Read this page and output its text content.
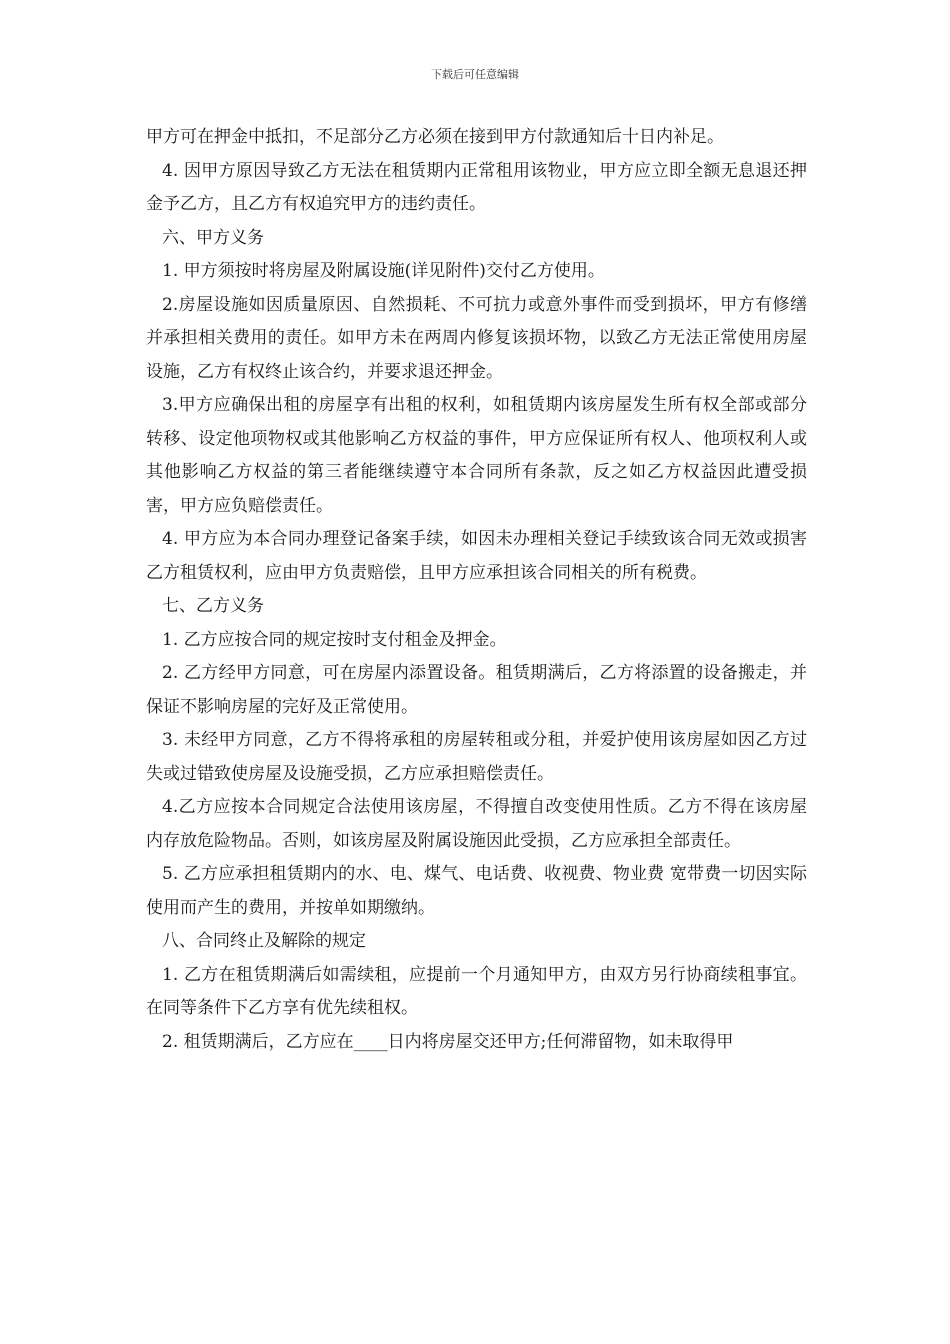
下载后可任意编辑

甲方可在押金中抵扣，不足部分乙方必须在接到甲方付款通知后十日内补足。

4. 因甲方原因导致乙方无法在租赁期内正常租用该物业，甲方应立即全额无息退还押金予乙方，且乙方有权追究甲方的违约责任。

六、甲方义务

1. 甲方须按时将房屋及附属设施(详见附件)交付乙方使用。

2.房屋设施如因质量原因、自然损耗、不可抗力或意外事件而受到损坏，甲方有修缮并承担相关费用的责任。如甲方未在两周内修复该损坏物，以致乙方无法正常使用房屋设施，乙方有权终止该合约，并要求退还押金。

3.甲方应确保出租的房屋享有出租的权利，如租赁期内该房屋发生所有权全部或部分转移、设定他项物权或其他影响乙方权益的事件，甲方应保证所有权人、他项权利人或其他影响乙方权益的第三者能继续遵守本合同所有条款，反之如乙方权益因此遭受损害，甲方应负赔偿责任。

4. 甲方应为本合同办理登记备案手续，如因未办理相关登记手续致该合同无效或损害乙方租赁权利，应由甲方负责赔偿，且甲方应承担该合同相关的所有税费。

七、乙方义务

1. 乙方应按合同的规定按时支付租金及押金。

2. 乙方经甲方同意，可在房屋内添置设备。租赁期满后，乙方将添置的设备搬走，并保证不影响房屋的完好及正常使用。

3. 未经甲方同意，乙方不得将承租的房屋转租或分租，并爱护使用该房屋如因乙方过失或过错致使房屋及设施受损，乙方应承担赔偿责任。

4.乙方应按本合同规定合法使用该房屋，不得擅自改变使用性质。乙方不得在该房屋内存放危险物品。否则，如该房屋及附属设施因此受损，乙方应承担全部责任。

5. 乙方应承担租赁期内的水、电、煤气、电话费、收视费、物业费 宽带费一切因实际使用而产生的费用，并按单如期缴纳。

八、合同终止及解除的规定

1. 乙方在租赁期满后如需续租，应提前一个月通知甲方，由双方另行协商续租事宜。在同等条件下乙方享有优先续租权。

2. 租赁期满后，乙方应在____日内将房屋交还甲方;任何滞留物，如未取得甲
